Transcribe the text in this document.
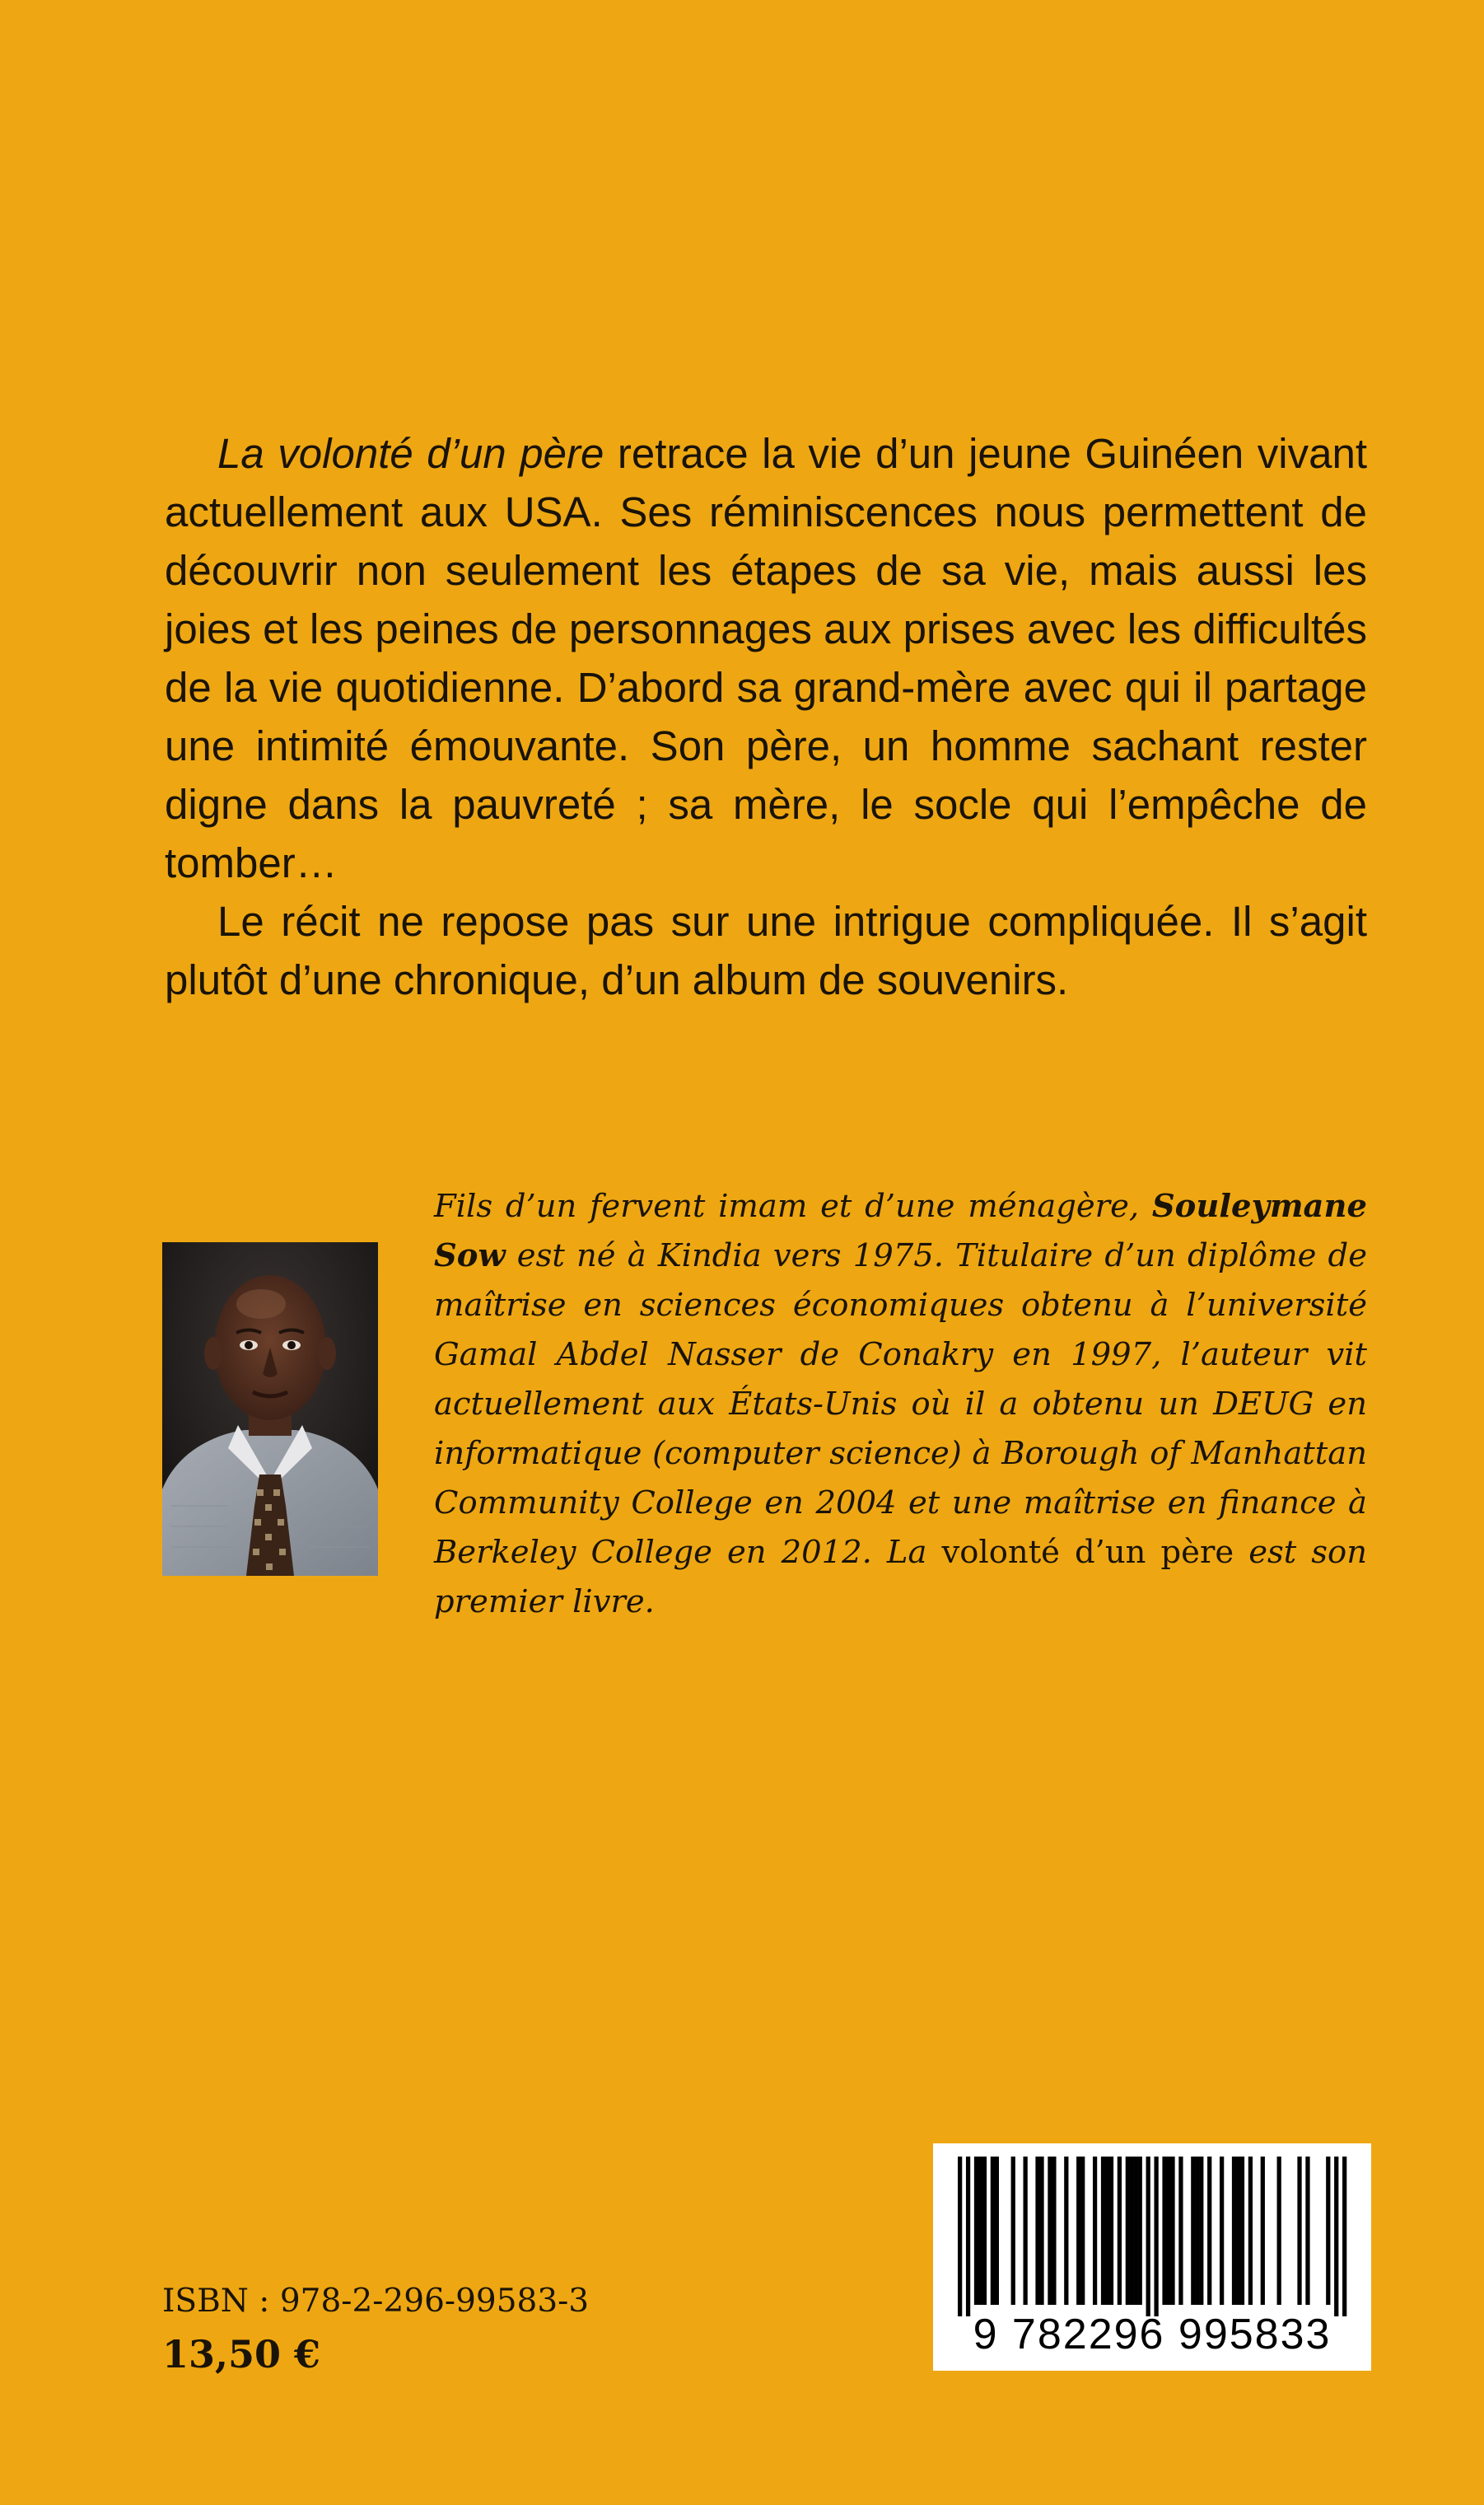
La volonté d’un père retrace la vie d’un jeune Guinéen vivant actuellement aux USA. Ses réminiscences nous permettent de découvrir non seulement les étapes de sa vie, mais aussi les joies et les peines de personnages aux prises avec les difficultés de la vie quotidienne. D’abord sa grand-mère avec qui il partage une intimité émouvante. Son père, un homme sachant rester digne dans la pauvreté ; sa mère, le socle qui l’empêche de tomber…

Le récit ne repose pas sur une intrigue compliquée. Il s’agit plutôt d’une chronique, d’un album de souvenirs.

Fils d’un fervent imam et d’une ménagère, Souleymane Sow est né à Kindia vers 1975. Titulaire d’un diplôme de maîtrise en sciences économiques obtenu à l’université Gamal Abdel Nasser de Conakry en 1997, l’auteur vit actuellement aux États-Unis où il a obtenu un DEUG en informatique (computer science) à Borough of Manhattan Community College en 2004 et une maîtrise en finance à Berkeley College en 2012. La volonté d’un père est son premier livre.

ISBN : 978-2-296-99583-3
13,50 €	9 782296 995833
